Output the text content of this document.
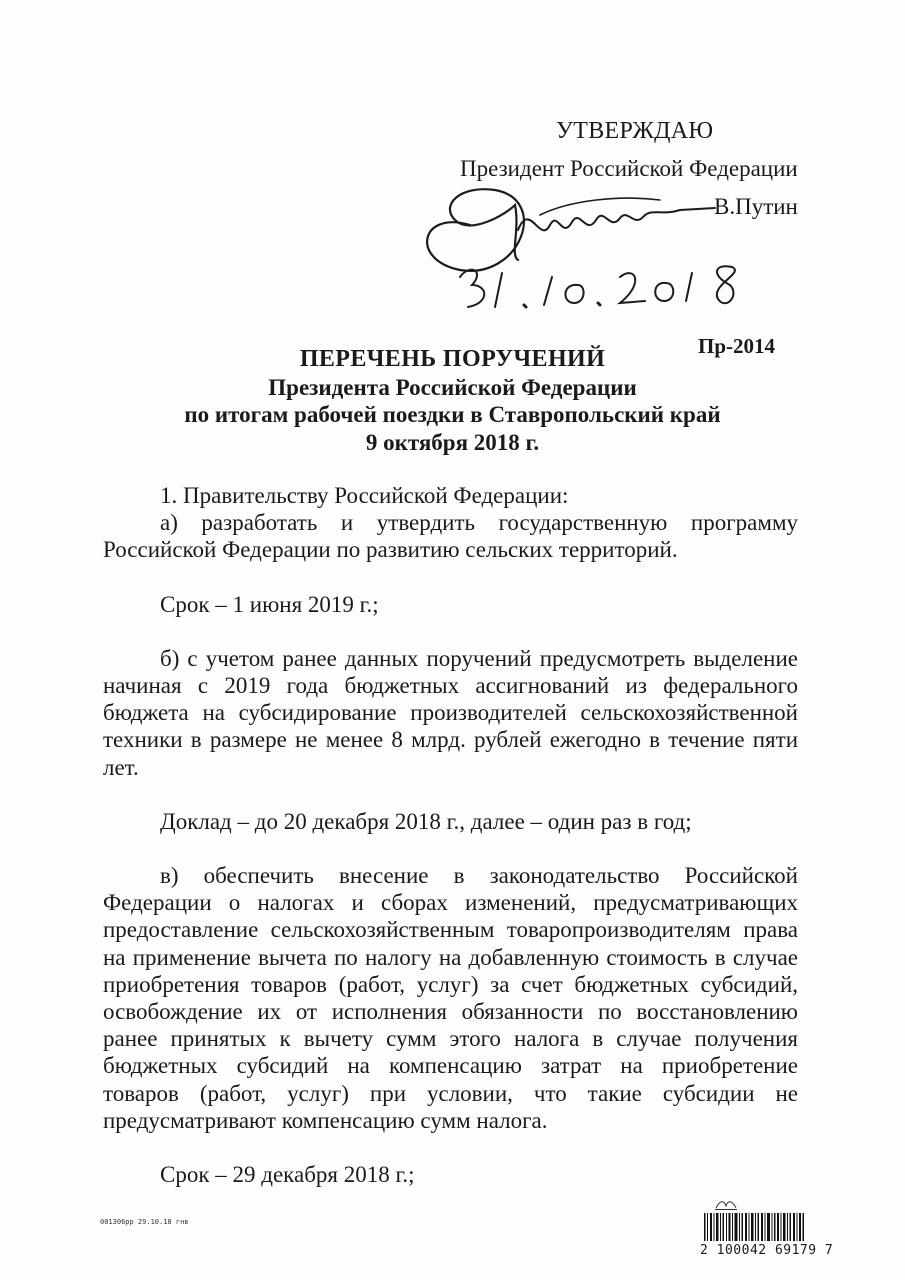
УТВЕРЖДАЮ
Президент Российской Федерации
В.Путин
Пр-2014
ПЕРЕЧЕНЬ ПОРУЧЕНИЙ
Президента Российской Федерации
по итогам рабочей поездки в Ставропольский край
9 октября 2018 г.

1. Правительству Российской Федерации:

а) разработать и утвердить государственную программу Российской Федерации по развитию сельских территорий.

Срок – 1 июня 2019 г.;

б) с учетом ранее данных поручений предусмотреть выделение начиная с 2019 года бюджетных ассигнований из федерального бюджета на субсидирование производителей сельскохозяйственной техники в размере не менее 8 млрд. рублей ежегодно в течение пяти лет.

Доклад – до 20 декабря 2018 г., далее – один раз в год;

в) обеспечить внесение в законодательство Российской Федерации о налогах и сборах изменений, предусматривающих предоставление сельскохозяйственным товаропроизводителям права на применение вычета по налогу на добавленную стоимость в случае приобретения товаров (работ, услуг) за счет бюджетных субсидий, освобождение их от исполнения обязанности по восстановлению ранее принятых к вычету сумм этого налога в случае получения бюджетных субсидий на компенсацию затрат на приобретение товаров (работ, услуг) при условии, что такие субсидии не предусматривают компенсацию сумм налога.

Срок – 29 декабря 2018 г.;

001306рр 29.10.18 гнв
2 100042 69179 7
